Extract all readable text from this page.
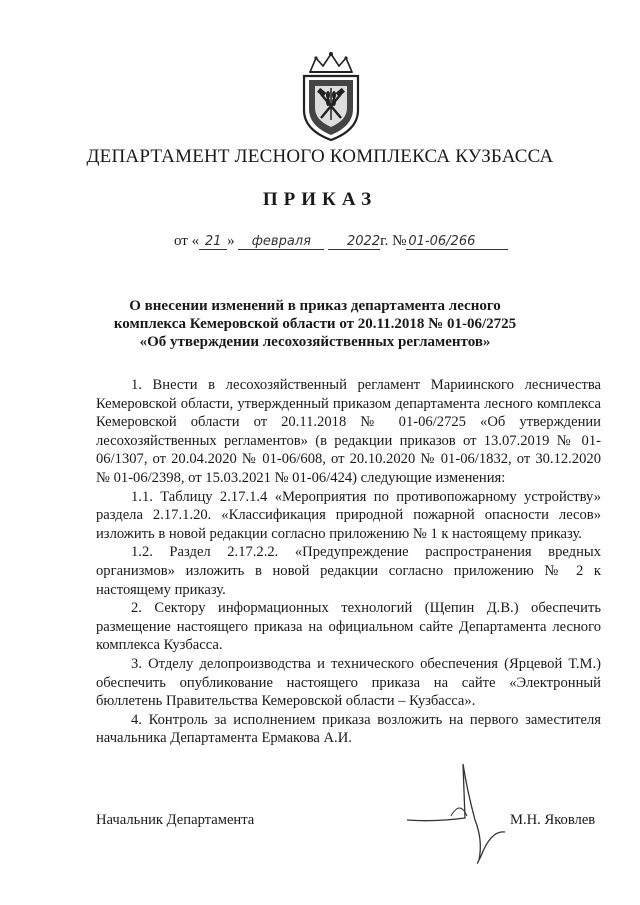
ДЕПАРТАМЕНТ ЛЕСНОГО КОМПЛЕКСА КУЗБАССА
ПРИКАЗ
от « 21 » февраля	2022г. № 01-06/266
О внесении изменений в приказ департамента лесного комплекса Кемеровской области от 20.11.2018 № 01-06/2725 «Об утверждении лесохозяйственных регламентов»

1. Внести в лесохозяйственный регламент Мариинского лесничества Кемеровской области, утвержденный приказом департамента лесного комплекса Кемеровской области от 20.11.2018 № 01-06/2725 «Об утверждении лесохозяйственных регламентов» (в редакции приказов от 13.07.2019 № 01-06/1307, от 20.04.2020 № 01-06/608, от 20.10.2020 № 01-06/1832, от 30.12.2020 № 01-06/2398, от 15.03.2021 № 01-06/424) следующие изменения:

1.1. Таблицу 2.17.1.4 «Мероприятия по противопожарному устройству» раздела 2.17.1.20. «Классификация природной пожарной опасности лесов» изложить в новой редакции согласно приложению № 1 к настоящему приказу.

1.2. Раздел 2.17.2.2. «Предупреждение распространения вредных организмов» изложить в новой редакции согласно приложению № 2 к настоящему приказу.

2. Сектору информационных технологий (Щепин Д.В.) обеспечить размещение настоящего приказа на официальном сайте Департамента лесного комплекса Кузбасса.

3. Отделу делопроизводства и технического обеспечения (Ярцевой Т.М.) обеспечить опубликование настоящего приказа на сайте «Электронный бюллетень Правительства Кемеровской области – Кузбасса».

4. Контроль за исполнением приказа возложить на первого заместителя начальника Департамента Ермакова А.И.

Начальник Департамента	М.Н. Яковлев
